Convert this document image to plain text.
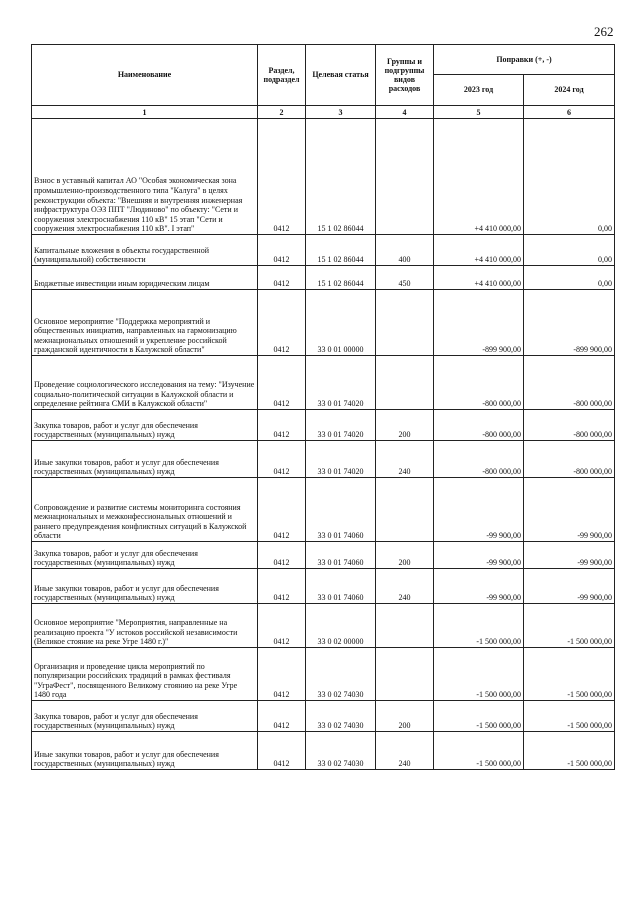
262
Наименование	Раздел, подраздел	Целевая статья	Группы и подгруппы видов расходов	Поправки (+, -)	
				2023 год	2024 год
1	2	3	4	5	6
Взнос в уставный капитал АО "Особая экономическая зона промышленно-производственного типа "Калуга" в целях реконструкции объекта: "Внешняя и внутренняя инженерная инфраструктура ОЭЗ ППТ "Людиново" по объекту: "Сети и сооружения электроснабжения 110 кВ" 15 этап "Сети и сооружения электроснабжения 110 кВ". I этап"	0412	15 1 02 86044		+4 410 000,00	0,00
Капитальные вложения в объекты государственной (муниципальной) собственности	0412	15 1 02 86044	400	+4 410 000,00	0,00
Бюджетные инвестиции иным юридическим лицам	0412	15 1 02 86044	450	+4 410 000,00	0,00
Основное мероприятие "Поддержка мероприятий и общественных инициатив, направленных на гармонизацию межнациональных отношений и укрепление российской гражданской идентичности в Калужской области"	0412	33 0 01 00000		-899 900,00	-899 900,00
Проведение социологического исследования на тему: "Изучение социально-политической ситуации в Калужской области и определение рейтинга СМИ в Калужской области"	0412	33 0 01 74020		-800 000,00	-800 000,00
Закупка товаров, работ и услуг для обеспечения государственных (муниципальных) нужд	0412	33 0 01 74020	200	-800 000,00	-800 000,00
Иные закупки товаров, работ и услуг для обеспечения государственных (муниципальных) нужд	0412	33 0 01 74020	240	-800 000,00	-800 000,00
Сопровождение и развитие системы мониторинга состояния межнациональных и межконфессиональных отношений и раннего предупреждения конфликтных ситуаций в Калужской области	0412	33 0 01 74060		-99 900,00	-99 900,00
Закупка товаров, работ и услуг для обеспечения государственных (муниципальных) нужд	0412	33 0 01 74060	200	-99 900,00	-99 900,00
Иные закупки товаров, работ и услуг для обеспечения государственных (муниципальных) нужд	0412	33 0 01 74060	240	-99 900,00	-99 900,00
Основное мероприятие "Мероприятия, направленные на реализацию проекта "У истоков российской независимости (Великое стояние на реке Угре 1480 г.)"	0412	33 0 02 00000		-1 500 000,00	-1 500 000,00
Организация и проведение цикла мероприятий по популяризации российских традиций в рамках фестиваля "УграФест", посвященного Великому стоянию на реке Угре 1480 года	0412	33 0 02 74030		-1 500 000,00	-1 500 000,00
Закупка товаров, работ и услуг для обеспечения государственных (муниципальных) нужд	0412	33 0 02 74030	200	-1 500 000,00	-1 500 000,00
Иные закупки товаров, работ и услуг для обеспечения государственных (муниципальных) нужд	0412	33 0 02 74030	240	-1 500 000,00	-1 500 000,00
